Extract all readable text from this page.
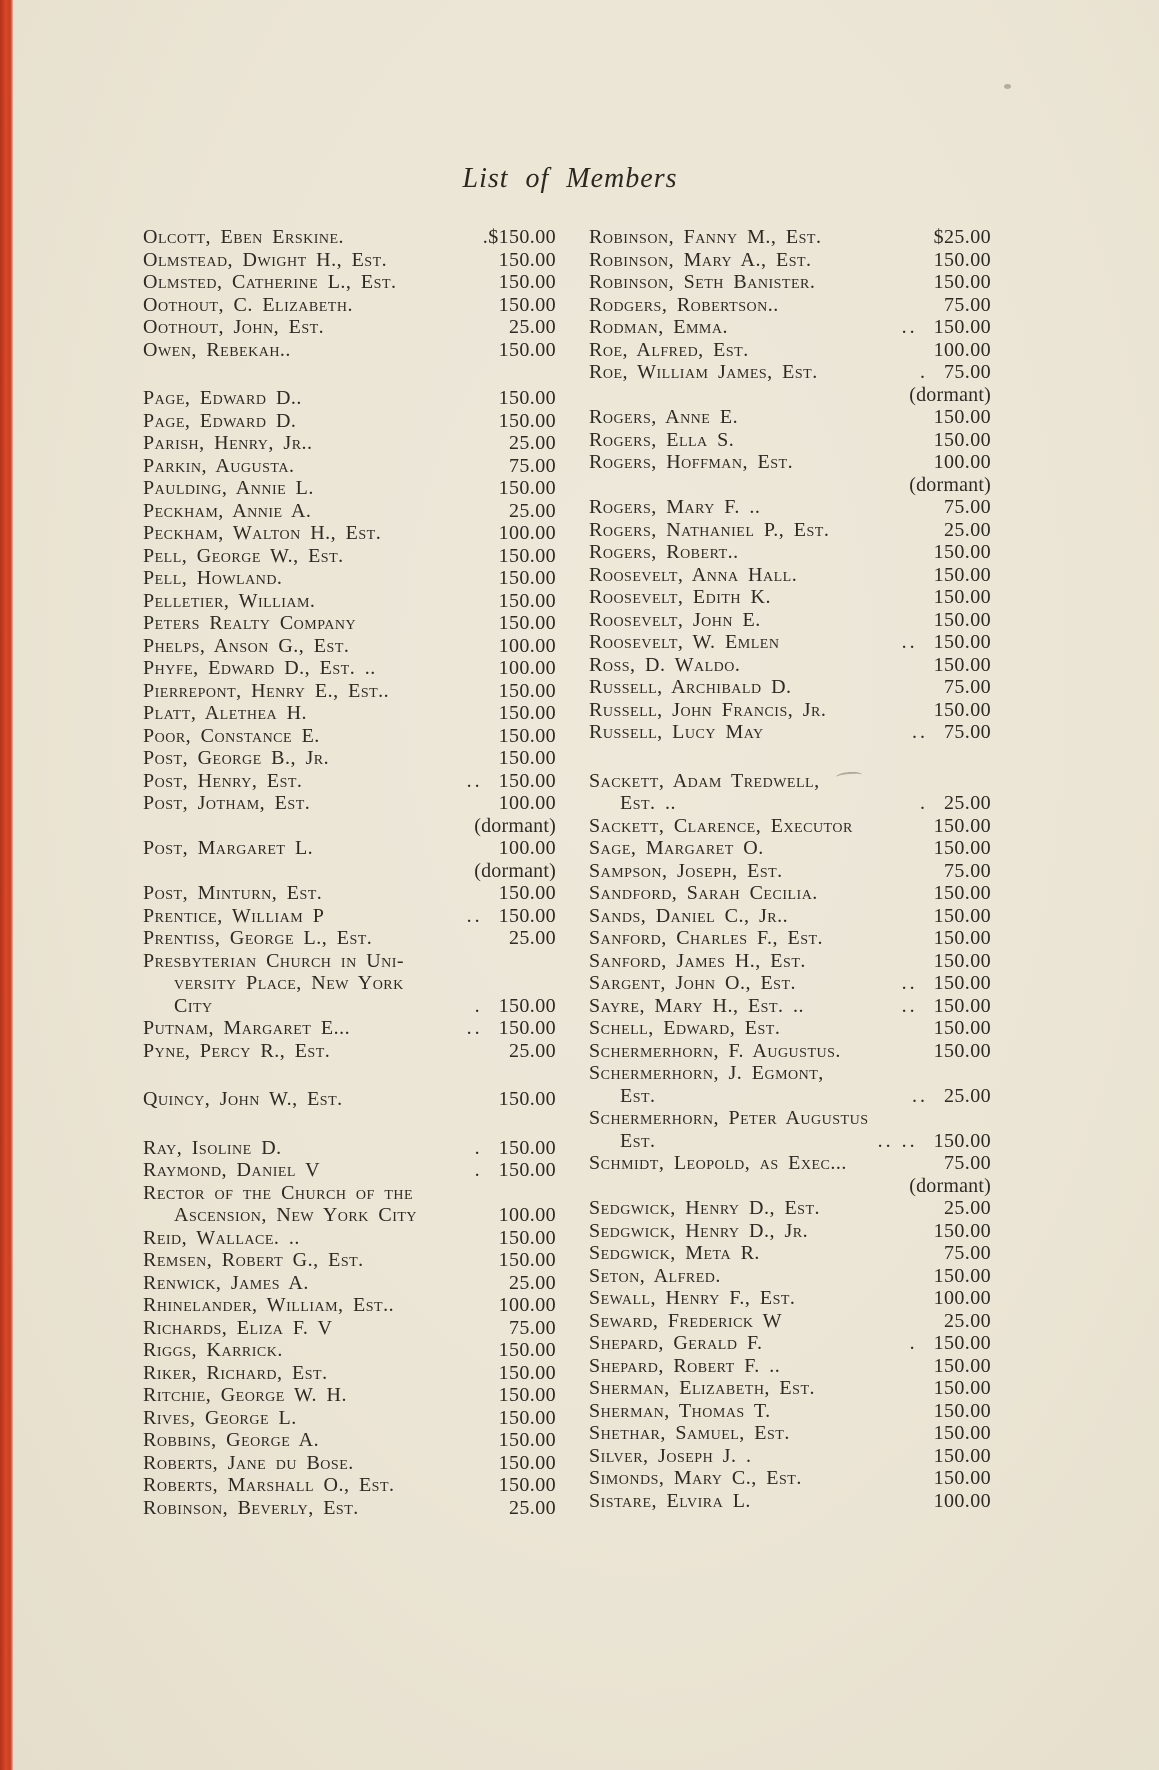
List of Members
Olcott, Eben Erskine.	.$150.00
Olmstead, Dwight H., Est.	150.00
Olmsted, Catherine L., Est.	150.00
Oothout, C. Elizabeth.	150.00
Oothout, John, Est.	25.00
Owen, Rebekah..	150.00
Page, Edward D..	150.00
Page, Edward D.	150.00
Parish, Henry, Jr..	25.00
Parkin, Augusta.	75.00
Paulding, Annie L.	150.00
Peckham, Annie A.	25.00
Peckham, Walton H., Est.	100.00
Pell, George W., Est.	150.00
Pell, Howland.	150.00
Pelletier, William.	150.00
Peters Realty Company	150.00
Phelps, Anson G., Est.	100.00
Phyfe, Edward D., Est. ..	100.00
Pierrepont, Henry E., Est..	150.00
Platt, Alethea H.	150.00
Poor, Constance E.	150.00
Post, George B., Jr.	150.00
Post, Henry, Est.	.. 150.00
Post, Jotham, Est.	100.00
(dormant)
Post, Margaret L.	100.00
(dormant)
Post, Minturn, Est.	150.00
Prentice, William P	.. 150.00
Prentiss, George L., Est.	25.00
Presbyterian Church in Uni-
versity Place, New York
City	. 150.00
Putnam, Margaret E...	.. 150.00
Pyne, Percy R., Est.	25.00
Quincy, John W., Est.	150.00
Ray, Isoline D.	. 150.00
Raymond, Daniel V	. 150.00
Rector of the Church of the
Ascension, New York City	100.00
Reid, Wallace. ..	150.00
Remsen, Robert G., Est.	150.00
Renwick, James A.	25.00
Rhinelander, William, Est..	100.00
Richards, Eliza F. V	75.00
Riggs, Karrick.	150.00
Riker, Richard, Est.	150.00
Ritchie, George W. H.	150.00
Rives, George L.	150.00
Robbins, George A.	150.00
Roberts, Jane du Bose.	150.00
Roberts, Marshall O., Est.	150.00
Robinson, Beverly, Est.	25.00
Robinson, Fanny M., Est.	$25.00
Robinson, Mary A., Est.	150.00
Robinson, Seth Banister.	150.00
Rodgers, Robertson..	75.00
Rodman, Emma.	.. 150.00
Roe, Alfred, Est.	100.00
Roe, William James, Est.	. 75.00
(dormant)
Rogers, Anne E.	150.00
Rogers, Ella S.	150.00
Rogers, Hoffman, Est.	100.00
(dormant)
Rogers, Mary F. ..	75.00
Rogers, Nathaniel P., Est.	25.00
Rogers, Robert..	150.00
Roosevelt, Anna Hall.	150.00
Roosevelt, Edith K.	150.00
Roosevelt, John E.	150.00
Roosevelt, W. Emlen	.. 150.00
Ross, D. Waldo.	150.00
Russell, Archibald D.	75.00
Russell, John Francis, Jr.	150.00
Russell, Lucy May	.. 75.00
Sackett, Adam Tredwell,
Est. ..	. 25.00
Sackett, Clarence, Executor	150.00
Sage, Margaret O.	150.00
Sampson, Joseph, Est.	75.00
Sandford, Sarah Cecilia.	150.00
Sands, Daniel C., Jr..	150.00
Sanford, Charles F., Est.	150.00
Sanford, James H., Est.	150.00
Sargent, John O., Est.	.. 150.00
Sayre, Mary H., Est. ..	.. 150.00
Schell, Edward, Est.	150.00
Schermerhorn, F. Augustus.	150.00
Schermerhorn, J. Egmont,
Est.	.. 25.00
Schermerhorn, Peter Augustus
Est.	.. .. 150.00
Schmidt, Leopold, as Exec...	75.00
(dormant)
Sedgwick, Henry D., Est.	25.00
Sedgwick, Henry D., Jr.	150.00
Sedgwick, Meta R.	75.00
Seton, Alfred.	150.00
Sewall, Henry F., Est.	100.00
Seward, Frederick W	25.00
Shepard, Gerald F.	. 150.00
Shepard, Robert F. ..	150.00
Sherman, Elizabeth, Est.	150.00
Sherman, Thomas T.	150.00
Shethar, Samuel, Est.	150.00
Silver, Joseph J. .	150.00
Simonds, Mary C., Est.	150.00
Sistare, Elvira L.	100.00
